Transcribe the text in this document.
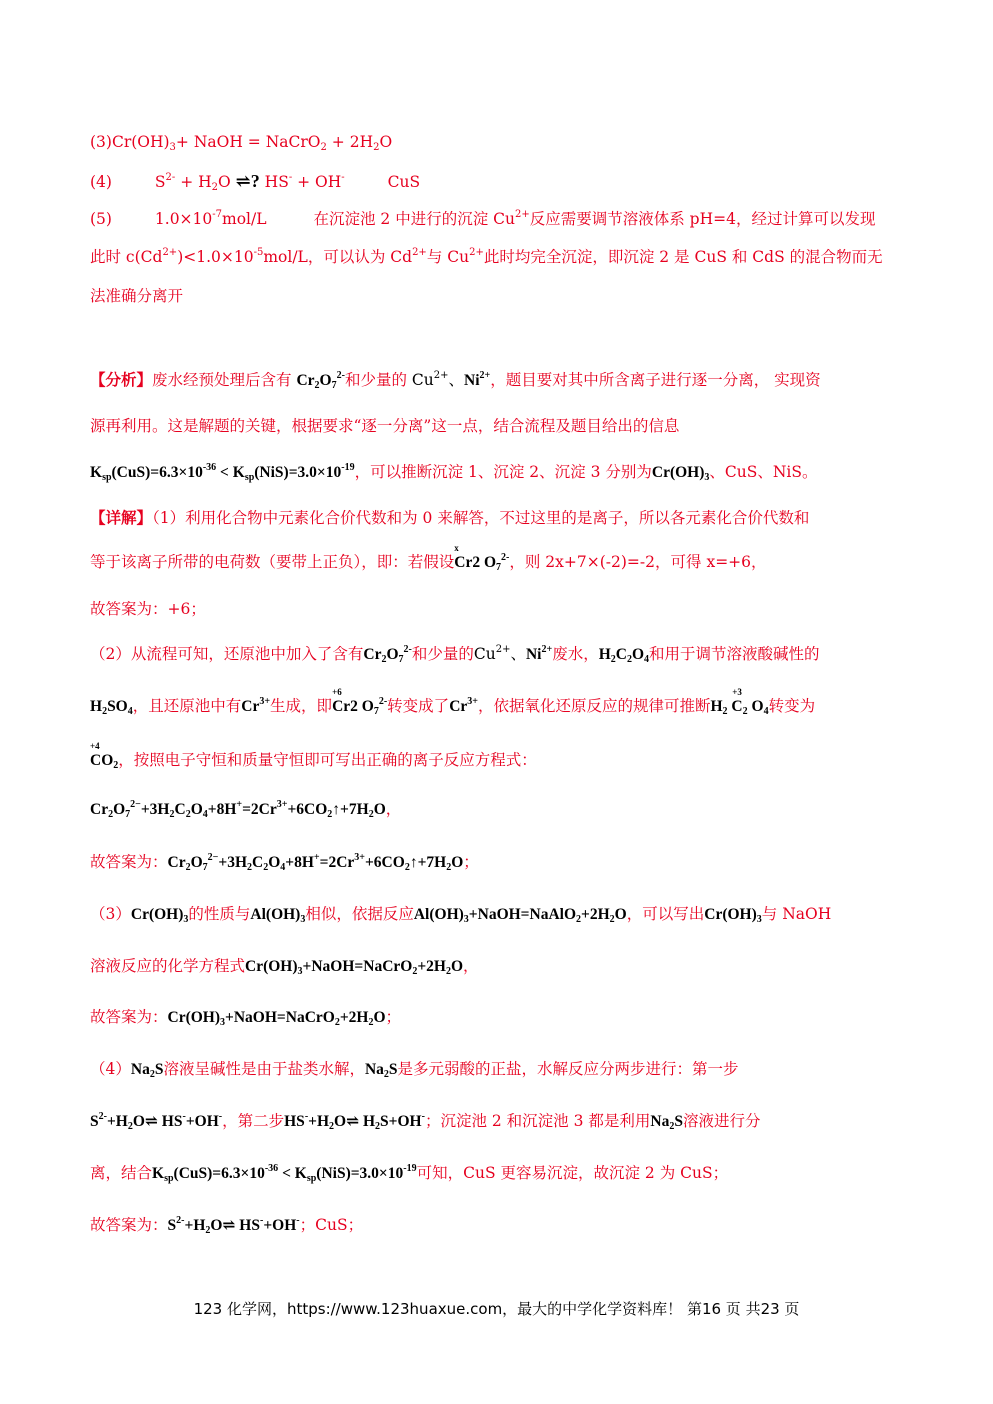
$(3)Cr(OH)_3+$ NaOH = NaCrO$_2$ + $2H_2O$
(4)	$S^{2-} + H_2O$ ⇌? HS- + OH-	CuS
(5)	$1.0\times 10^{-7}mol/L$	在沉淀池 2 中进行的沉淀 $Cu^{2+}$反应需要调节溶液体系 pH=4，经过计算可以发现
此时 $c(Cd^{2+})<1.0\times 10^{-5}mol/L$，可以认为 $Cd^{2+}$与 $Cu^{2+}$此时均完全沉淀，即沉淀 2 是 CuS 和 CdS 的混合物而无
法准确分离开
【分析】废水经预处理后含有 $Cr_2O_7^{2-}$和少量的 $Cu^{2+}$、$Ni^{2+}$，题目要对其中所含离子进行逐一分离， 实现资
源再利用。这是解题的关键，根据要求“逐一分离”这一点，结合流程及题目给出的信息
$K_{sp}(CuS)=6.3\times 10^{-36} < K_{sp}(NiS)=3.0\times 10^{-19}$，可以推断沉淀 1、沉淀 2、沉淀 3 分别为$Cr(OH)_3$、CuS、NiS。
【详解】（1）利用化合物中元素化合价代数和为 0 来解答，不过这里的是离子，所以各元素化合价代数和
等于该离子所带的电荷数（要带上正负），即：若假设
x
Cr2 $O_7^{2-}$，则 2x+7×(-2)=-2，可得 x=+6，
故答案为：+6；
（2）从流程可知，还原池中加入了含有$Cr_2O_7^{2-}$和少量的$Cu^{2+}$、$Ni^{2+}$废水，$H_2C_2O_4$和用于调节溶液酸碱性的
$H_2SO_4$，且还原池中有$Cr^{3+}$生成，即
+6
Cr2 $O_7^{2-}$转变成了$Cr^{3+}$，依据氧化还原反应的规律可推断$H_2$
+3
$C_2$ $O_4$转变为
+4
$CO_2$，按照电子守恒和质量守恒即可写出正确的离子反应方程式：
$Cr_2O_7^{2-}+3H_2C_2O_4+8H^+=2Cr^{3+}+6CO_2↑+7H_2O$，
故答案为：$Cr_2O_7^{2-}+3H_2C_2O_4+8H^+=2Cr^{3+}+6CO_2↑+7H_2O$；
$(3)Cr(OH)_3$的性质与$Al(OH)_3$相似，依据反应$Al(OH)_3+NaOH=NaAlO_2+2H_2O$，可以写出$Cr(OH)_3$与 NaOH
溶液反应的化学方程式$Cr(OH)_3+NaOH=NaCrO_2+2H_2O$，
故答案为：$Cr(OH)_3+NaOH=NaCrO_2+2H_2O$；
$(4)Na_2S$溶液呈碱性是由于盐类水解，$Na_2S$是多元弱酸的正盐，水解反应分两步进行：第一步
$S^{2-}+H_2O\rightleftharpoons$ HS-+OH-，第二步$HS^-+H_2O\rightleftharpoons$ $H_2S+OH^-$；沉淀池 2 和沉淀池 3 都是利用$Na_2S$溶液进行分
离，结合$K_{sp}(CuS)=6.3\times 10^{-36} < K_{sp}(NiS)=3.0\times 10^{-19}$可知，CuS 更容易沉淀，故沉淀 2 为 CuS；
故答案为：$S^{2-}+H_2O\rightleftharpoons$ HS-+OH-；CuS；
123 化学网，https://www.123huaxue.com，最大的中学化学资料库！ 第16 页 共23 页
